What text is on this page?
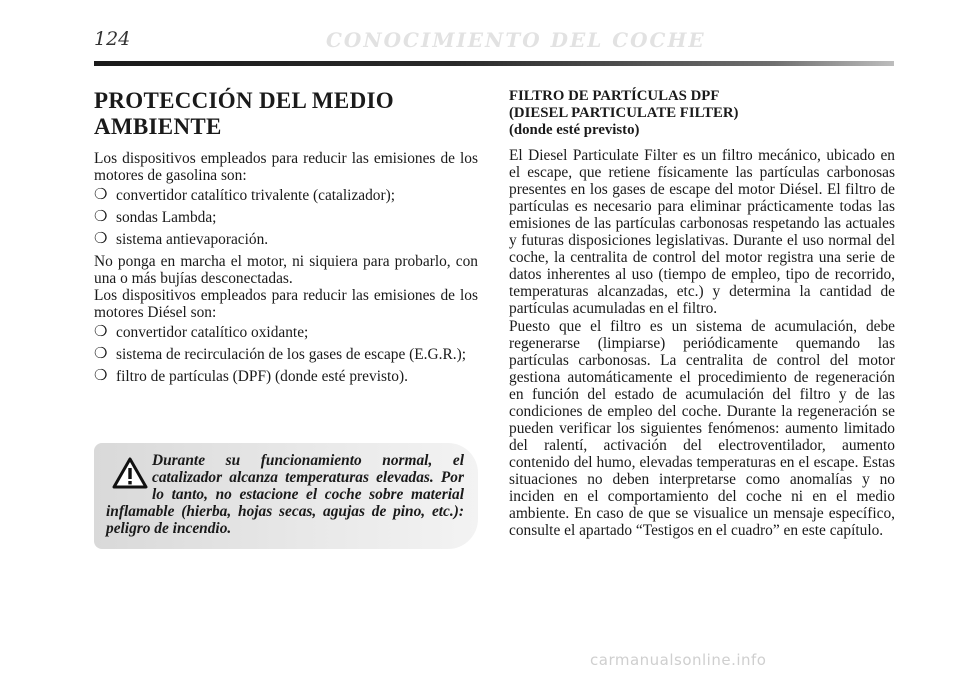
124	CONOCIMIENTO DEL COCHE
PROTECCIÓN DEL MEDIO AMBIENTE

Los dispositivos empleados para reducir las emisiones de los motores de gasolina son:

❍ convertidor catalítico trivalente (catalizador);
❍ sondas Lambda;
❍ sistema antievaporación.

No ponga en marcha el motor, ni siquiera para probarlo, con una o más bujías desconectadas.

Los dispositivos empleados para reducir las emisiones de los motores Diésel son:

❍ convertidor catalítico oxidante;
❍ sistema de recirculación de los gases de escape (E.G.R.);
❍ filtro de partículas (DPF) (donde esté previsto).
Durante su funcionamiento normal, el catalizador alcanza temperaturas elevadas. Por lo tanto, no estacione el coche sobre material inflamable (hierba, hojas secas, agujas de pino, etc.): peligro de incendio.
FILTRO DE PARTÍCULAS DPF
(DIESEL PARTICULATE FILTER)
(donde esté previsto)

El Diesel Particulate Filter es un filtro mecánico, ubicado en el escape, que retiene físicamente las partículas carbonosas presentes en los gases de escape del motor Diésel. El filtro de partículas es necesario para eliminar prácticamente todas las emisiones de las partículas carbonosas respetando las actuales y futuras disposiciones legislativas. Durante el uso normal del coche, la centralita de control del motor registra una serie de datos inherentes al uso (tiempo de empleo, tipo de recorrido, temperaturas alcanzadas, etc.) y determina la cantidad de partículas acumuladas en el filtro.

Puesto que el filtro es un sistema de acumulación, debe regenerarse (limpiarse) periódicamente quemando las partículas carbonosas. La centralita de control del motor gestiona automáticamente el procedimiento de regeneración en función del estado de acumulación del filtro y de las condiciones de empleo del coche. Durante la regeneración se pueden verificar los siguientes fenómenos: aumento limitado del ralentí, activación del electroventilador, aumento contenido del humo, elevadas temperaturas en el escape. Estas situaciones no deben interpretarse como anomalías y no inciden en el comportamiento del coche ni en el medio ambiente. En caso de que se visualice un mensaje específico, consulte el apartado “Testigos en el cuadro” en este capítulo.

carmanualsonline.info
